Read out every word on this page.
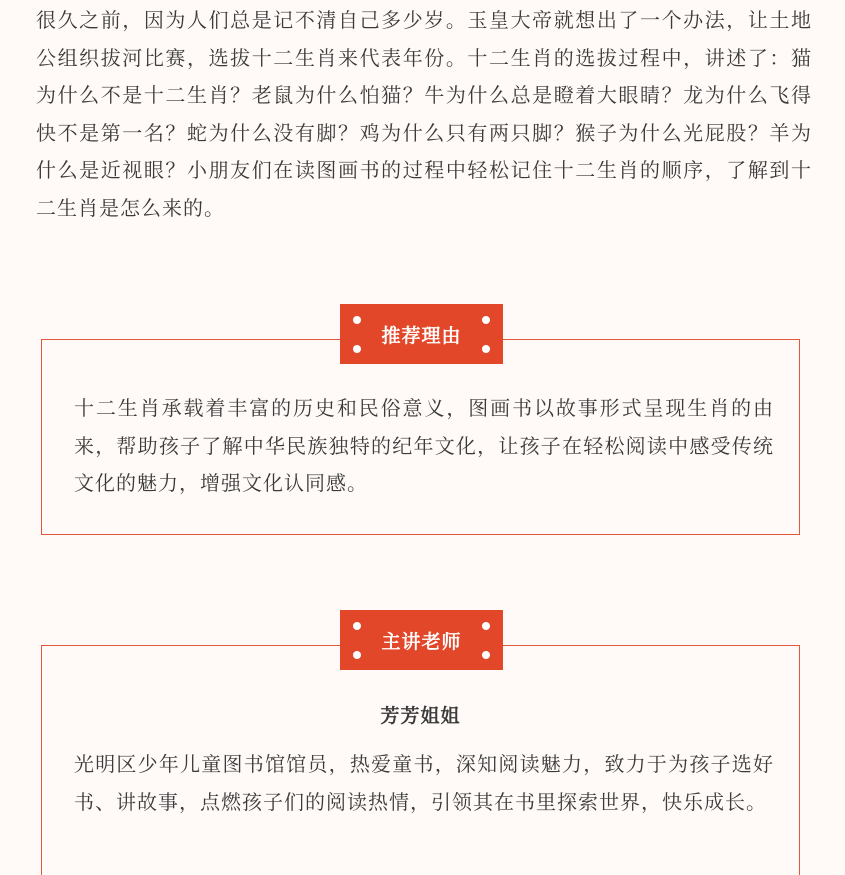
很久之前，因为人们总是记不清自己多少岁。玉皇大帝就想出了一个办法，让土地公组织拔河比赛，选拔十二生肖来代表年份。十二生肖的选拔过程中，讲述了：猫为什么不是十二生肖？老鼠为什么怕猫？牛为什么总是瞪着大眼睛？龙为什么飞得快不是第一名？蛇为什么没有脚？鸡为什么只有两只脚？猴子为什么光屁股？羊为什么是近视眼？小朋友们在读图画书的过程中轻松记住十二生肖的顺序，了解到十二生肖是怎么来的。

十二生肖承载着丰富的历史和民俗意义，图画书以故事形式呈现生肖的由来，帮助孩子了解中华民族独特的纪年文化，让孩子在轻松阅读中感受传统文化的魅力，增强文化认同感。

推荐理由

芳芳姐姐

光明区少年儿童图书馆馆员，热爱童书，深知阅读魅力，致力于为孩子选好书、讲故事，点燃孩子们的阅读热情，引领其在书里探索世界，快乐成长。

主讲老师
